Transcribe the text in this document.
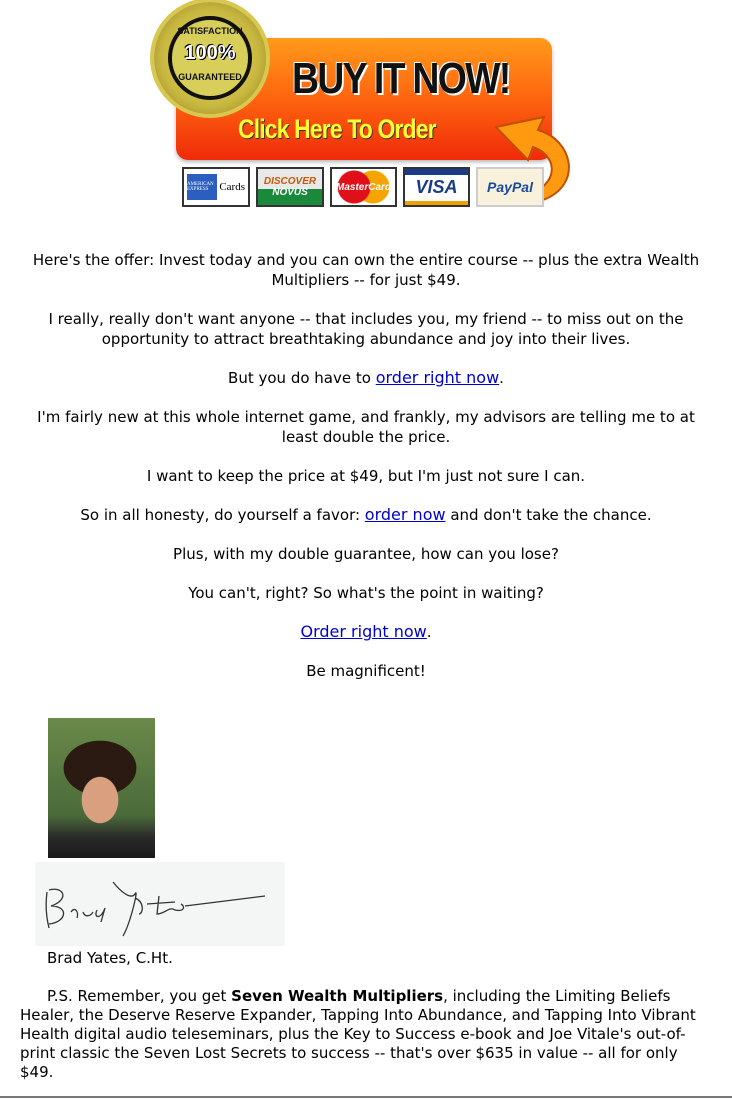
BUY IT NOW!
Click Here To Order
SATISFACTION
100%
GUARANTEED
AMERICAN EXPRESS Cards DISCOVER
NOVUS	MasterCard	VISA	PayPal

Here's the offer: Invest today and you can own the entire course -- plus the extra Wealth Multipliers -- for just $49.

I really, really don't want anyone -- that includes you, my friend -- to miss out on the opportunity to attract breathtaking abundance and joy into their lives.

But you do have to order right now.

I'm fairly new at this whole internet game, and frankly, my advisors are telling me to at least double the price.

I want to keep the price at $49, but I'm just not sure I can.

So in all honesty, do yourself a favor: order now and don't take the chance.

Plus, with my double guarantee, how can you lose?

You can't, right? So what's the point in waiting?

Order right now.

Be magnificent!

Brad Yates, C.Ht.
P.S. Remember, you get Seven Wealth Multipliers, including the Limiting Beliefs Healer, the Deserve Reserve Expander, Tapping Into Abundance, and Tapping Into Vibrant Health digital audio teleseminars, plus the Key to Success e-book and Joe Vitale's out-of-print classic the Seven Lost Secrets to success -- that's over $635 in value -- all for only $49.
